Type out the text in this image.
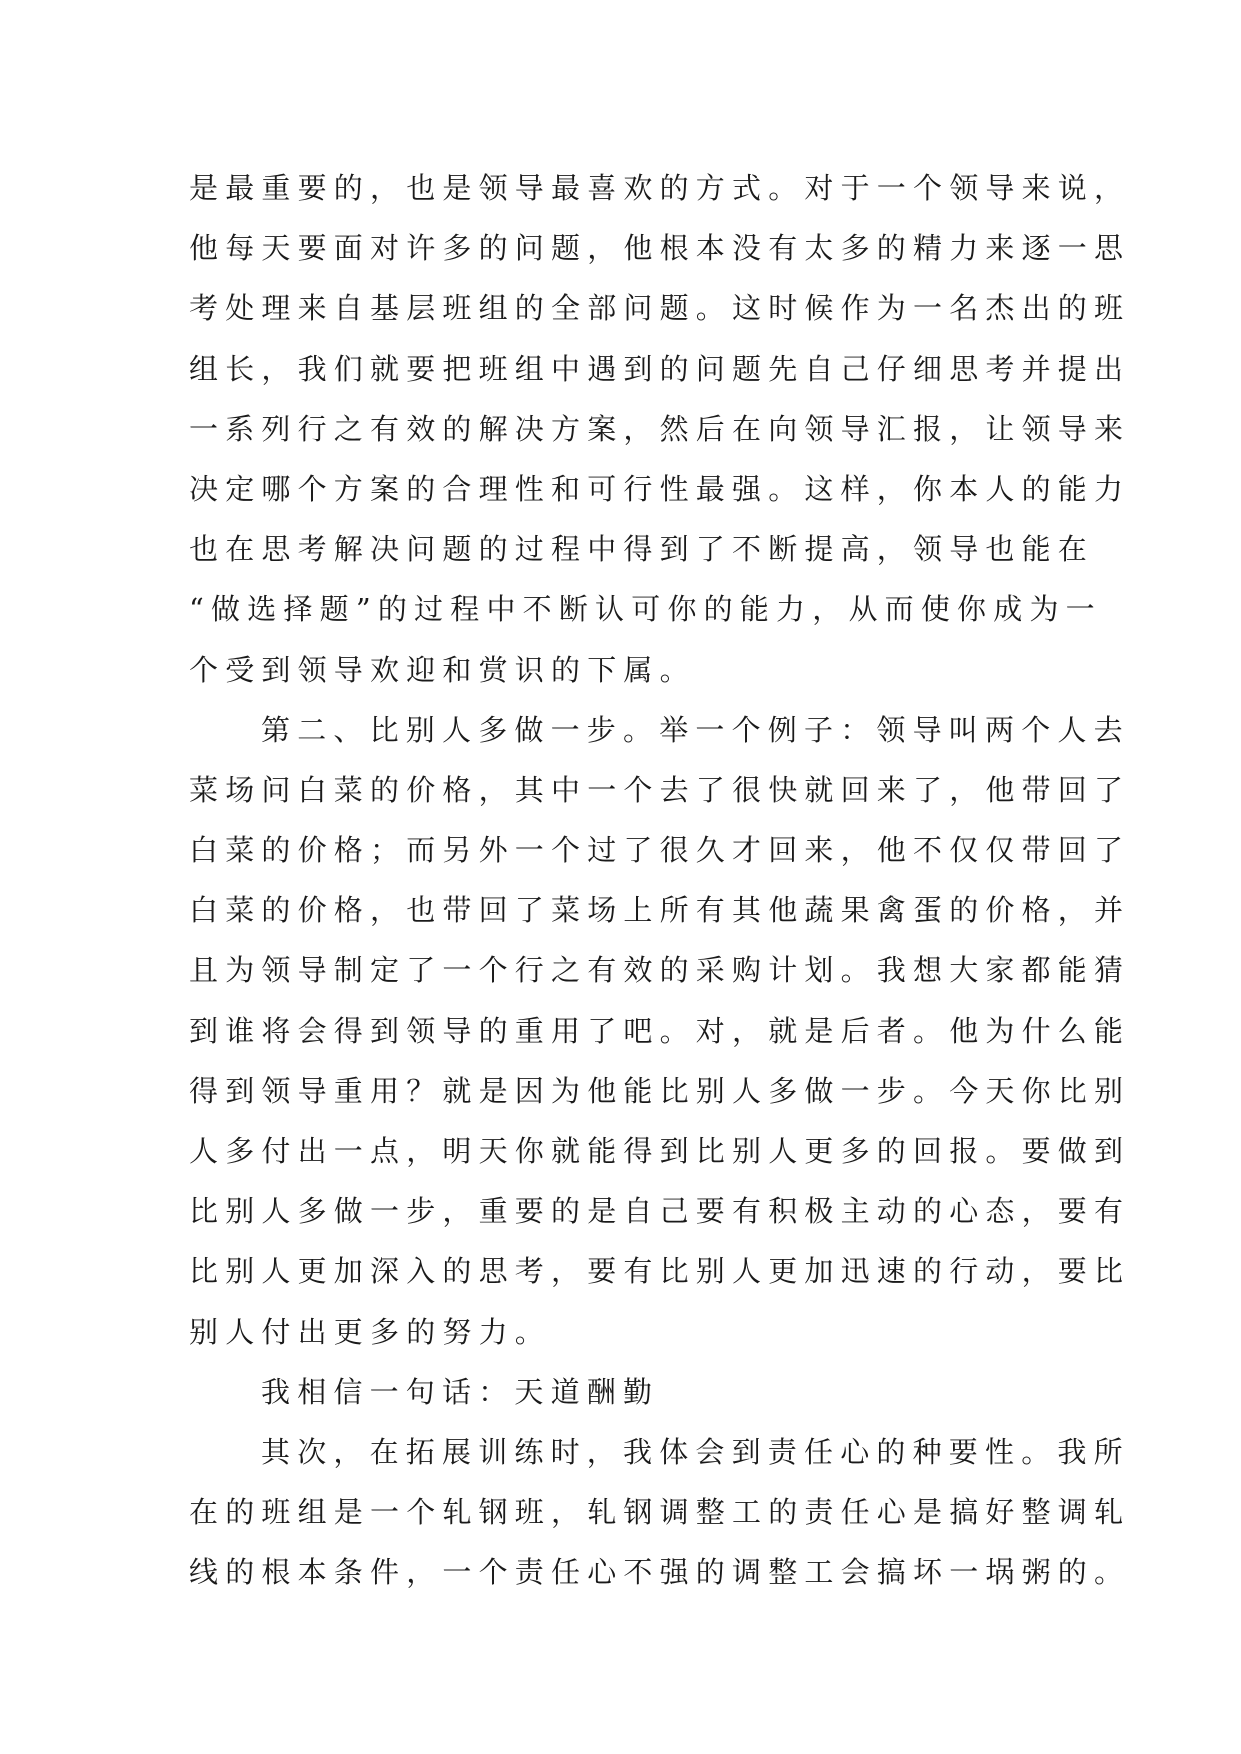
是最重要的，也是领导最喜欢的方式。对于一个领导来说，
他每天要面对许多的问题，他根本没有太多的精力来逐一思
考处理来自基层班组的全部问题。这时候作为一名杰出的班
组长，我们就要把班组中遇到的问题先自己仔细思考并提出
一系列行之有效的解决方案，然后在向领导汇报，让领导来
决定哪个方案的合理性和可行性最强。这样，你本人的能力
也在思考解决问题的过程中得到了不断提高，领导也能在
“做选择题”的过程中不断认可你的能力，从而使你成为一
个受到领导欢迎和赏识的下属。
第二、比别人多做一步。举一个例子：领导叫两个人去
菜场问白菜的价格，其中一个去了很快就回来了，他带回了
白菜的价格；而另外一个过了很久才回来，他不仅仅带回了
白菜的价格，也带回了菜场上所有其他蔬果禽蛋的价格，并
且为领导制定了一个行之有效的采购计划。我想大家都能猜
到谁将会得到领导的重用了吧。对，就是后者。他为什么能
得到领导重用？就是因为他能比别人多做一步。今天你比别
人多付出一点，明天你就能得到比别人更多的回报。要做到
比别人多做一步，重要的是自己要有积极主动的心态，要有
比别人更加深入的思考，要有比别人更加迅速的行动，要比
别人付出更多的努力。
我相信一句话：天道酬勤
其次，在拓展训练时，我体会到责任心的种要性。我所
在的班组是一个轧钢班，轧钢调整工的责任心是搞好整调轧
线的根本条件，一个责任心不强的调整工会搞坏一埚粥的。
